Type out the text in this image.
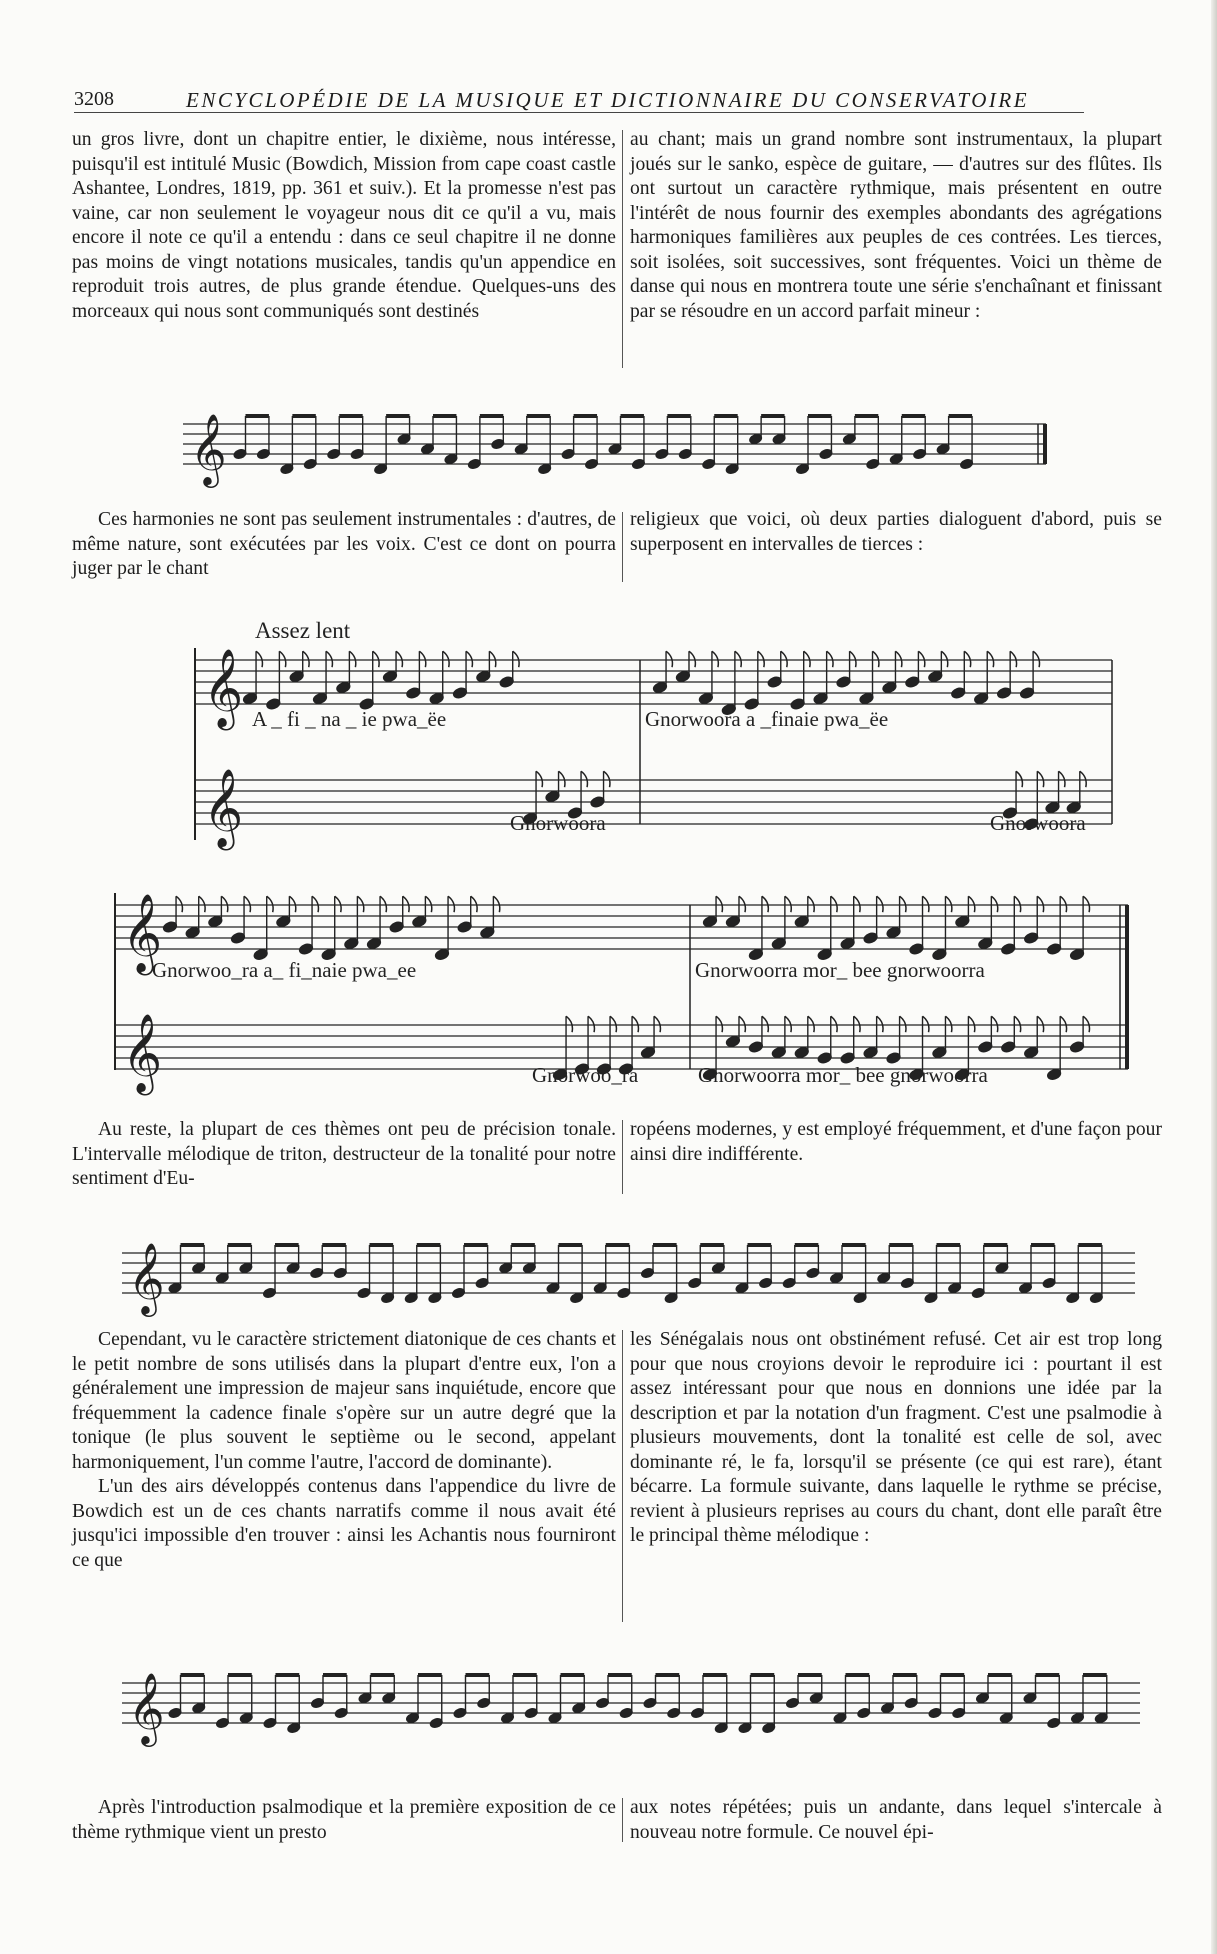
3208	ENCYCLOPÉDIE DE LA MUSIQUE ET DICTIONNAIRE DU CONSERVATOIRE

un gros livre, dont un chapitre entier, le dixième, nous intéresse, puisqu'il est intitulé Music (Bowdich, Mission from cape coast castle Ashantee, Londres, 1819, pp. 361 et suiv.). Et la promesse n'est pas vaine, car non seulement le voyageur nous dit ce qu'il a vu, mais encore il note ce qu'il a entendu : dans ce seul chapitre il ne donne pas moins de vingt notations musicales, tandis qu'un appendice en reproduit trois autres, de plus grande étendue. Quelques-uns des morceaux qui nous sont communiqués sont destinés

au chant; mais un grand nombre sont instrumentaux, la plupart joués sur le sanko, espèce de guitare, — d'autres sur des flûtes. Ils ont surtout un caractère rythmique, mais présentent en outre l'intérêt de nous fournir des exemples abondants des agrégations harmoniques familières aux peuples de ces contrées. Les tierces, soit isolées, soit successives, sont fréquentes. Voici un thème de danse qui nous en montrera toute une série s'enchaînant et finissant par se résoudre en un accord parfait mineur :

Ces harmonies ne sont pas seulement instrumentales : d'autres, de même nature, sont exécutées par les voix. C'est ce dont on pourra juger par le chant

religieux que voici, où deux parties dialoguent d'abord, puis se superposent en intervalles de tierces :

Au reste, la plupart de ces thèmes ont peu de précision tonale. L'intervalle mélodique de triton, destructeur de la tonalité pour notre sentiment d'Eu-

ropéens modernes, y est employé fréquemment, et d'une façon pour ainsi dire indifférente.

Cependant, vu le caractère strictement diatonique de ces chants et le petit nombre de sons utilisés dans la plupart d'entre eux, l'on a généralement une impression de majeur sans inquiétude, encore que fréquemment la cadence finale s'opère sur un autre degré que la tonique (le plus souvent le septième ou le second, appelant harmoniquement, l'un comme l'autre, l'accord de dominante).

L'un des airs développés contenus dans l'appendice du livre de Bowdich est un de ces chants narratifs comme il nous avait été jusqu'ici impossible d'en trouver : ainsi les Achantis nous fourniront ce que

les Sénégalais nous ont obstinément refusé. Cet air est trop long pour que nous croyions devoir le reproduire ici : pourtant il est assez intéressant pour que nous en donnions une idée par la description et par la notation d'un fragment. C'est une psalmodie à plusieurs mouvements, dont la tonalité est celle de sol, avec dominante ré, le fa, lorsqu'il se présente (ce qui est rare), étant bécarre. La formule suivante, dans laquelle le rythme se précise, revient à plusieurs reprises au cours du chant, dont elle paraît être le principal thème mélodique :

Après l'introduction psalmodique et la première exposition de ce thème rythmique vient un presto

aux notes répétées; puis un andante, dans lequel s'intercale à nouveau notre formule. Ce nouvel épi-

𝄞
𝄞
𝄞
𝄞
𝄞
𝄞
𝄞
Assez lent
A _ fi _ na _ ie pwa_ëe	Gnorwoora a _finaie pwa_ëe
Gnorwoora	Gnorwoora
Gnorwoo_ra a_ fi_naie pwa_ee	Gnorwoorra mor_ bee gnorwoorra
Gnorwoo_ra	Gnorwoorra mor_ bee gnorwoorra
